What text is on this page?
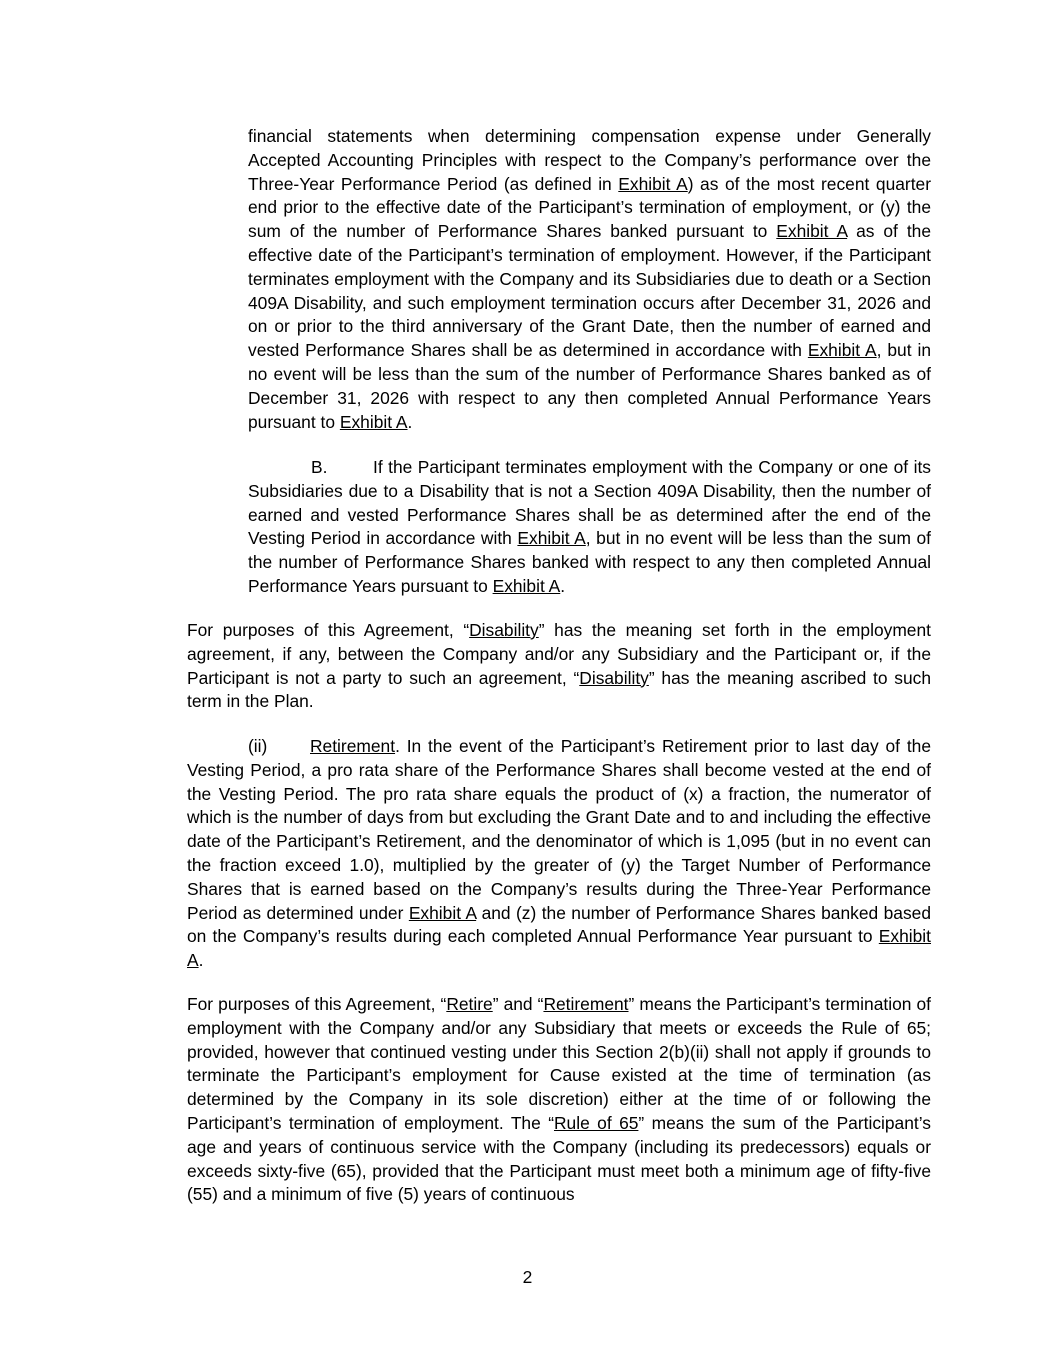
financial statements when determining compensation expense under Generally Accepted Accounting Principles with respect to the Company’s performance over the Three-Year Performance Period (as defined in Exhibit A) as of the most recent quarter end prior to the effective date of the Participant’s termination of employment, or (y) the sum of the number of Performance Shares banked pursuant to Exhibit A as of the effective date of the Participant’s termination of employment. However, if the Participant terminates employment with the Company and its Subsidiaries due to death or a Section 409A Disability, and such employment termination occurs after December 31, 2026 and on or prior to the third anniversary of the Grant Date, then the number of earned and vested Performance Shares shall be as determined in accordance with Exhibit A, but in no event will be less than the sum of the number of Performance Shares banked as of December 31, 2026 with respect to any then completed Annual Performance Years pursuant to Exhibit A.

B.	If the Participant terminates employment with the Company or one of its Subsidiaries due to a Disability that is not a Section 409A Disability, then the number of earned and vested Performance Shares shall be as determined after the end of the Vesting Period in accordance with Exhibit A, but in no event will be less than the sum of the number of Performance Shares banked with respect to any then completed Annual Performance Years pursuant to Exhibit A.

For purposes of this Agreement, “Disability” has the meaning set forth in the employment agreement, if any, between the Company and/or any Subsidiary and the Participant or, if the Participant is not a party to such an agreement, “Disability” has the meaning ascribed to such term in the Plan.

(ii) Retirement. In the event of the Participant’s Retirement prior to last day of the Vesting Period, a pro rata share of the Performance Shares shall become vested at the end of the Vesting Period. The pro rata share equals the product of (x) a fraction, the numerator of which is the number of days from but excluding the Grant Date and to and including the effective date of the Participant’s Retirement, and the denominator of which is 1,095 (but in no event can the fraction exceed 1.0), multiplied by the greater of (y) the Target Number of Performance Shares that is earned based on the Company’s results during the Three-Year Performance Period as determined under Exhibit A and (z) the number of Performance Shares banked based on the Company’s results during each completed Annual Performance Year pursuant to Exhibit A.

For purposes of this Agreement, “Retire” and “Retirement” means the Participant’s termination of employment with the Company and/or any Subsidiary that meets or exceeds the Rule of 65; provided, however that continued vesting under this Section 2(b)(ii) shall not apply if grounds to terminate the Participant’s employment for Cause existed at the time of termination (as determined by the Company in its sole discretion) either at the time of or following the Participant’s termination of employment. The “Rule of 65” means the sum of the Participant’s age and years of continuous service with the Company (including its predecessors) equals or exceeds sixty-five (65), provided that the Participant must meet both a minimum age of fifty-five (55) and a minimum of five (5) years of continuous

2
